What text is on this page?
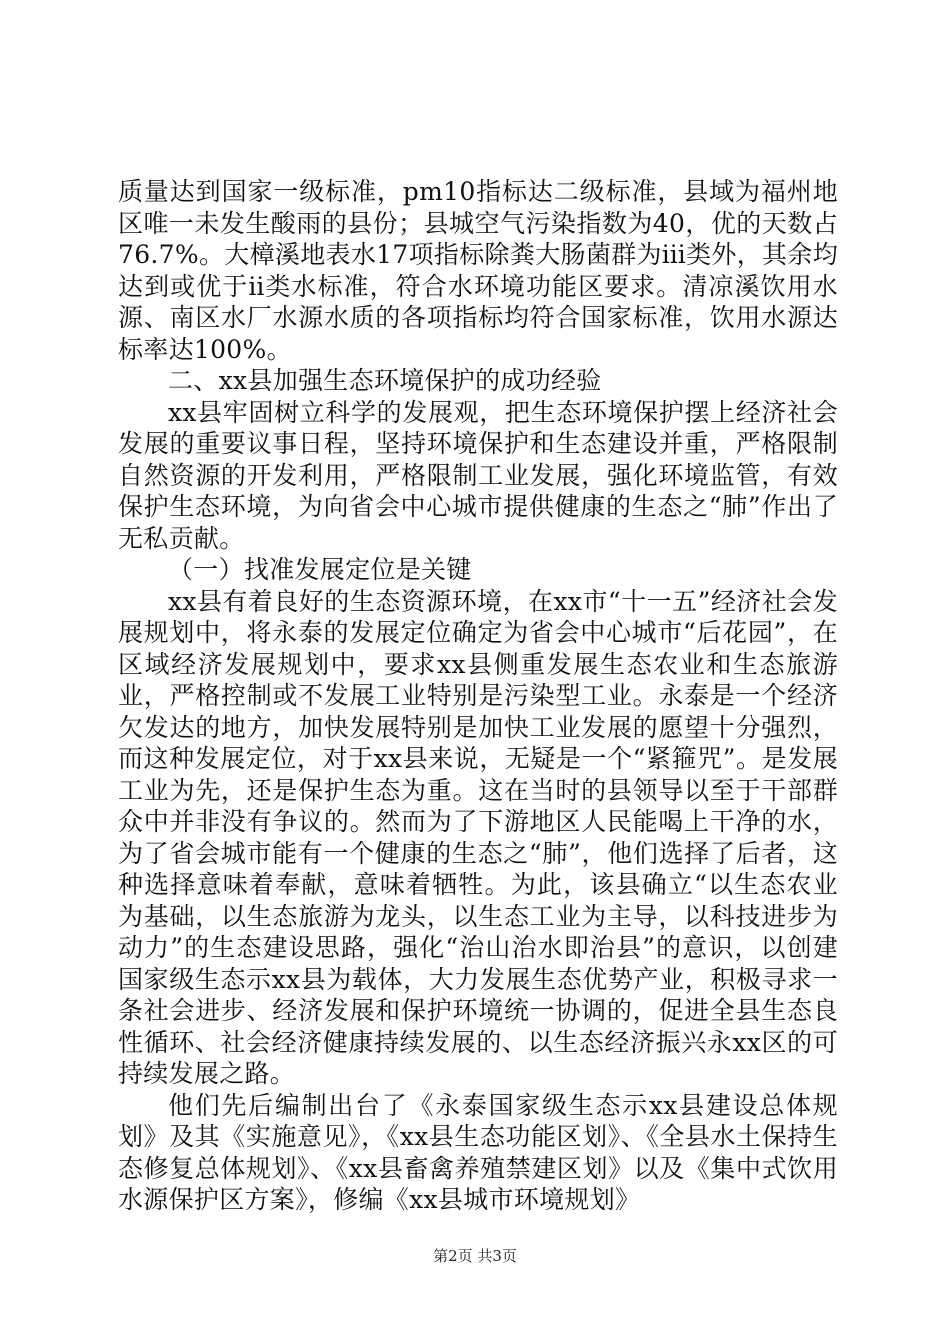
质量达到国家一级标准，pm10指标达二级标准，县域为福州地区唯一未发生酸雨的县份；县城空气污染指数为40，优的天数占76.7%。大樟溪地表水17项指标除粪大肠菌群为ⅲ类外，其余均达到或优于ⅱ类水标准，符合水环境功能区要求。清凉溪饮用水源、南区水厂水源水质的各项指标均符合国家标准，饮用水源达标率达100%。

二、xx县加强生态环境保护的成功经验

xx县牢固树立科学的发展观，把生态环境保护摆上经济社会发展的重要议事日程，坚持环境保护和生态建设并重，严格限制自然资源的开发利用，严格限制工业发展，强化环境监管，有效保护生态环境，为向省会中心城市提供健康的生态之“肺”作出了无私贡献。

（一）找准发展定位是关键

xx县有着良好的生态资源环境，在xx市“十一五”经济社会发展规划中，将永泰的发展定位确定为省会中心城市“后花园”，在区域经济发展规划中，要求xx县侧重发展生态农业和生态旅游业，严格控制或不发展工业特别是污染型工业。永泰是一个经济欠发达的地方，加快发展特别是加快工业发展的愿望十分强烈，而这种发展定位，对于xx县来说，无疑是一个“紧箍咒”。是发展工业为先，还是保护生态为重。这在当时的县领导以至于干部群众中并非没有争议的。然而为了下游地区人民能喝上干净的水，为了省会城市能有一个健康的生态之“肺”，他们选择了后者，这种选择意味着奉献，意味着牺牲。为此，该县确立“以生态农业为基础，以生态旅游为龙头，以生态工业为主导，以科技进步为动力”的生态建设思路，强化“治山治水即治县”的意识，以创建国家级生态示xx县为载体，大力发展生态优势产业，积极寻求一条社会进步、经济发展和保护环境统一协调的，促进全县生态良性循环、社会经济健康持续发展的、以生态经济振兴永xx区的可持续发展之路。

他们先后编制出台了《永泰国家级生态示xx县建设总体规划》及其《实施意见》，《xx县生态功能区划》、《全县水土保持生态修复总体规划》、《xx县畜禽养殖禁建区划》以及《集中式饮用水源保护区方案》，修编《xx县城市环境规划》

第2页 共3页
